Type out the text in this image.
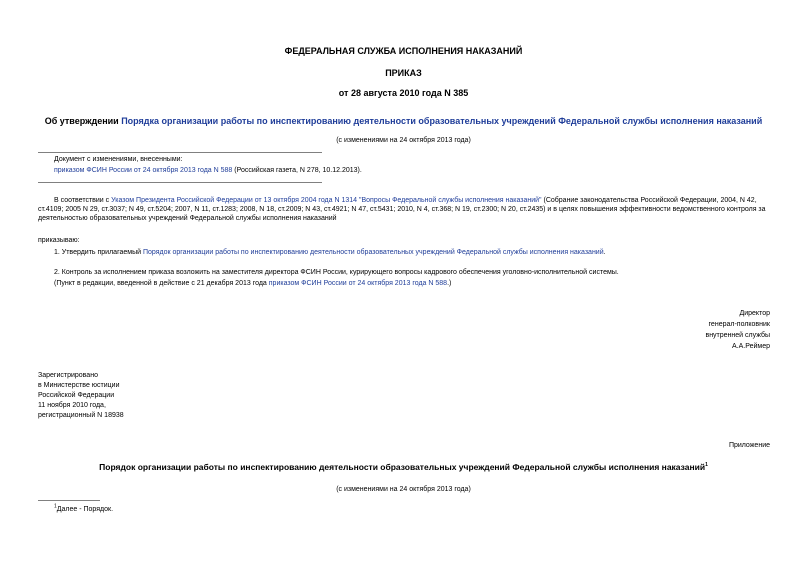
ФЕДЕРАЛЬНАЯ СЛУЖБА ИСПОЛНЕНИЯ НАКАЗАНИЙ
ПРИКАЗ
от 28 августа 2010 года N 385
Об утверждении Порядка организации работы по инспектированию деятельности образовательных учреждений Федеральной службы исполнения наказаний
(с изменениями на 24 октября 2013 года)
Документ с изменениями, внесенными:
приказом ФСИН России от 24 октября 2013 года N 588 (Российская газета, N 278, 10.12.2013).
В соответствии с Указом Президента Российской Федерации от 13 октября 2004 года N 1314 "Вопросы Федеральной службы исполнения наказаний" (Собрание законодательства Российской Федерации, 2004, N 42, ст.4109; 2005 N 29, ст.3037; N 49, ст.5204; 2007, N 11, ст.1283; 2008, N 18, ст.2009; N 43, ст.4921; N 47, ст.5431; 2010, N 4, ст.368; N 19, ст.2300; N 20, ст.2435) и в целях повышения эффективности ведомственного контроля за деятельностью образовательных учреждений Федеральной службы исполнения наказаний
приказываю:
1. Утвердить прилагаемый Порядок организации работы по инспектированию деятельности образовательных учреждений Федеральной службы исполнения наказаний.
2. Контроль за исполнением приказа возложить на заместителя директора ФСИН России, курирующего вопросы кадрового обеспечения уголовно-исполнительной системы.
(Пункт в редакции, введенной в действие с 21 декабря 2013 года приказом ФСИН России от 24 октября 2013 года N 588.)
Директор
генерал-полковник
внутренней службы
А.А.Реймер
Зарегистрировано
в Министерстве юстиции
Российской Федерации
11 ноября 2010 года,
регистрационный N 18938
Приложение
Порядок организации работы по инспектированию деятельности образовательных учреждений Федеральной службы исполнения наказаний$^1$
(с изменениями на 24 октября 2013 года)
$^1$Далее - Порядок.
